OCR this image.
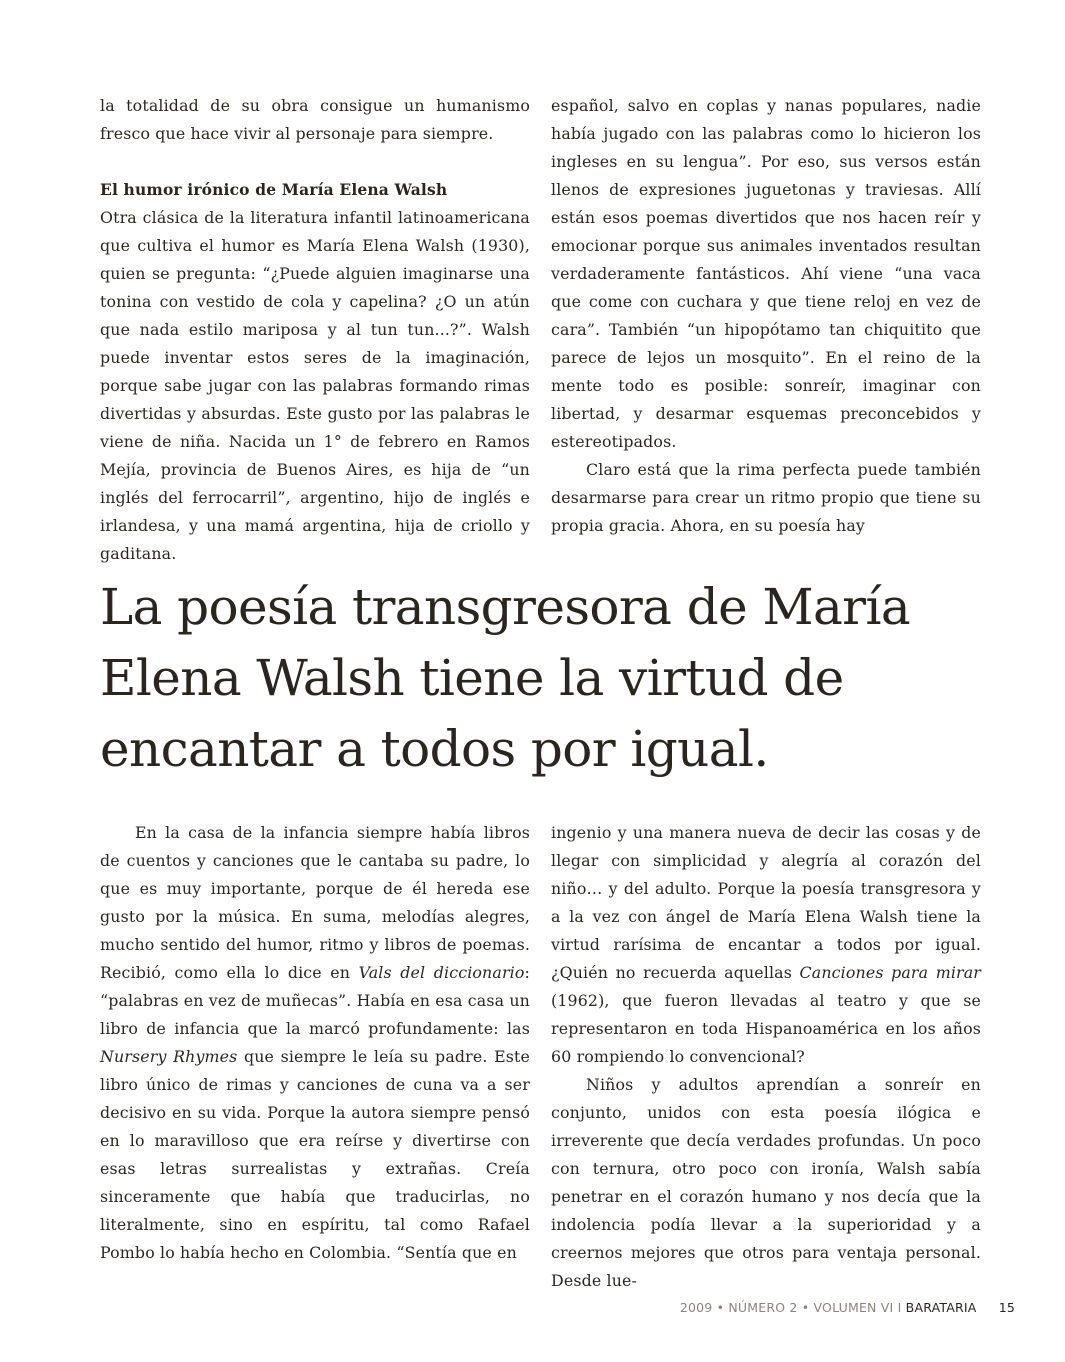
la totalidad de su obra consigue un humanismo fresco que hace vivir al personaje para siempre.

El humor irónico de María Elena Walsh

Otra clásica de la literatura infantil latinoamericana que cultiva el humor es María Elena Walsh (1930), quien se pregunta: “¿Puede alguien imaginarse una tonina con vestido de cola y capelina? ¿O un atún que nada estilo mariposa y al tun tun...?”. Walsh puede inventar estos seres de la imaginación, porque sabe jugar con las palabras formando rimas divertidas y absurdas. Este gusto por las palabras le viene de niña. Nacida un 1° de febrero en Ramos Mejía, provincia de Buenos Aires, es hija de “un inglés del ferrocarril”, argentino, hijo de inglés e irlandesa, y una mamá argentina, hija de criollo y gaditana.

español, salvo en coplas y nanas populares, nadie había jugado con las palabras como lo hicieron los ingleses en su lengua”. Por eso, sus versos están llenos de expresiones juguetonas y traviesas. Allí están esos poemas divertidos que nos hacen reír y emocionar porque sus animales inventados resultan verdaderamente fantásticos. Ahí viene “una vaca que come con cuchara y que tiene reloj en vez de cara”. También “un hipopótamo tan chiquitito que parece de lejos un mosquito”. En el reino de la mente todo es posible: sonreír, imaginar con libertad, y desarmar esquemas preconcebidos y estereotipados.

Claro está que la rima perfecta puede también desarmarse para crear un ritmo propio que tiene su propia gracia. Ahora, en su poesía hay

La poesía transgresora de María Elena Walsh tiene la virtud de encantar a todos por igual.

En la casa de la infancia siempre había libros de cuentos y canciones que le cantaba su padre, lo que es muy importante, porque de él hereda ese gusto por la música. En suma, melodías alegres, mucho sentido del humor, ritmo y libros de poemas. Recibió, como ella lo dice en Vals del diccionario: “palabras en vez de muñecas”. Había en esa casa un libro de infancia que la marcó profundamente: las Nursery Rhymes que siempre le leía su padre. Este libro único de rimas y canciones de cuna va a ser decisivo en su vida. Porque la autora siempre pensó en lo maravilloso que era reírse y divertirse con esas letras surrealistas y extrañas. Creía sinceramente que había que traducirlas, no literalmente, sino en espíritu, tal como Rafael Pombo lo había hecho en Colombia. “Sentía que en

ingenio y una manera nueva de decir las cosas y de llegar con simplicidad y alegría al corazón del niño… y del adulto. Porque la poesía transgresora y a la vez con ángel de María Elena Walsh tiene la virtud rarísima de encantar a todos por igual. ¿Quién no recuerda aquellas Canciones para mirar (1962), que fueron llevadas al teatro y que se representaron en toda Hispanoamérica en los años 60 rompiendo lo convencional?

Niños y adultos aprendían a sonreír en conjunto, unidos con esta poesía ilógica e irreverente que decía verdades profundas. Un poco con ternura, otro poco con ironía, Walsh sabía penetrar en el corazón humano y nos decía que la indolencia podía llevar a la superioridad y a creernos mejores que otros para ventaja personal. Desde lue-

2009 • NÚMERO 2 • VOLUMEN VI I BARATARIA 15
